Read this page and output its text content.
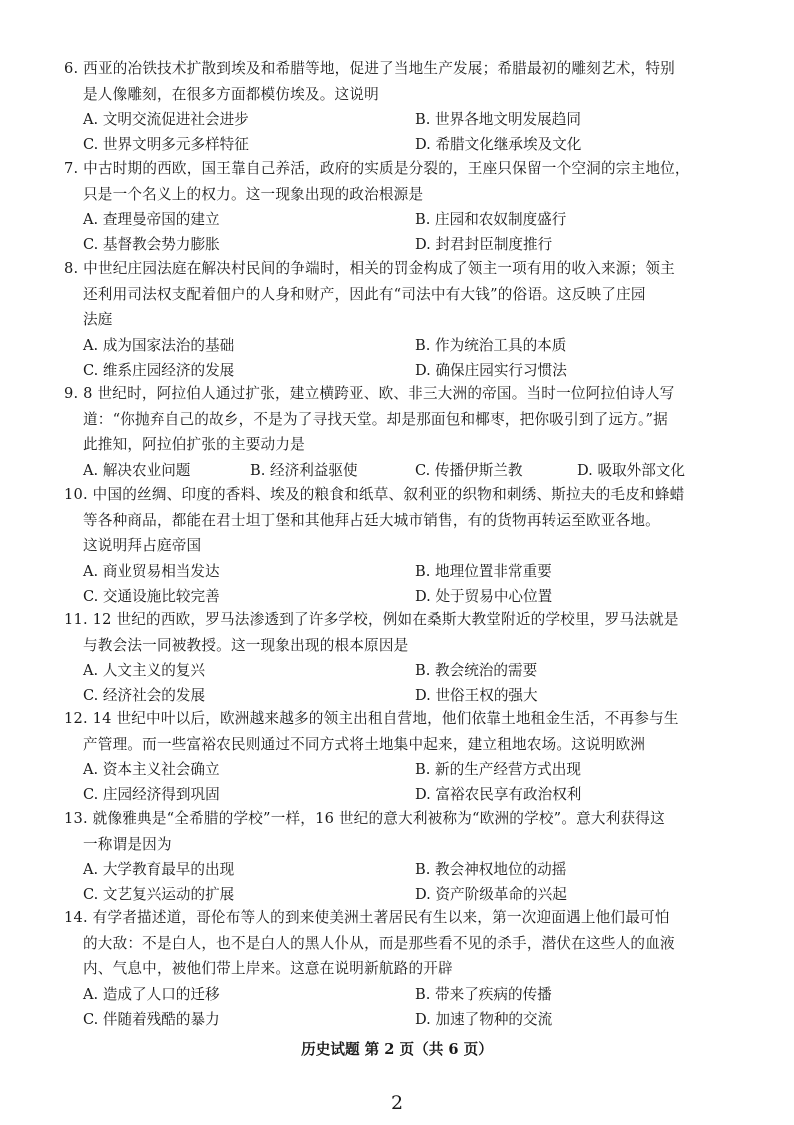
6. 西亚的冶铁技术扩散到埃及和希腊等地，促进了当地生产发展；希腊最初的雕刻艺术，特别

是人像雕刻，在很多方面都模仿埃及。这说明

A. 文明交流促进社会进步	B. 世界各地文明发展趋同
C. 世界文明多元多样特征	D. 希腊文化继承埃及文化

7. 中古时期的西欧，国王靠自己养活，政府的实质是分裂的，王座只保留一个空洞的宗主地位，

只是一个名义上的权力。这一现象出现的政治根源是

A. 查理曼帝国的建立	B. 庄园和农奴制度盛行
C. 基督教会势力膨胀	D. 封君封臣制度推行

8. 中世纪庄园法庭在解决村民间的争端时，相关的罚金构成了领主一项有用的收入来源；领主

还利用司法权支配着佃户的人身和财产，因此有“司法中有大钱”的俗语。这反映了庄园

法庭

A. 成为国家法治的基础	B. 作为统治工具的本质
C. 维系庄园经济的发展	D. 确保庄园实行习惯法

9. 8 世纪时，阿拉伯人通过扩张，建立横跨亚、欧、非三大洲的帝国。当时一位阿拉伯诗人写

道：“你抛弃自己的故乡，不是为了寻找天堂。却是那面包和椰枣，把你吸引到了远方。”据

此推知，阿拉伯扩张的主要动力是

A. 解决农业问题	B. 经济利益驱使	C. 传播伊斯兰教	D. 吸取外部文化

10. 中国的丝绸、印度的香料、埃及的粮食和纸草、叙利亚的织物和刺绣、斯拉夫的毛皮和蜂蜡

等各种商品，都能在君士坦丁堡和其他拜占廷大城市销售，有的货物再转运至欧亚各地。

这说明拜占庭帝国

A. 商业贸易相当发达	B. 地理位置非常重要
C. 交通设施比较完善	D. 处于贸易中心位置

11. 12 世纪的西欧，罗马法渗透到了许多学校，例如在桑斯大教堂附近的学校里，罗马法就是

与教会法一同被教授。这一现象出现的根本原因是

A. 人文主义的复兴	B. 教会统治的需要
C. 经济社会的发展	D. 世俗王权的强大

12. 14 世纪中叶以后，欧洲越来越多的领主出租自营地，他们依靠土地租金生活，不再参与生

产管理。而一些富裕农民则通过不同方式将土地集中起来，建立租地农场。这说明欧洲

A. 资本主义社会确立	B. 新的生产经营方式出现
C. 庄园经济得到巩固	D. 富裕农民享有政治权利

13. 就像雅典是“全希腊的学校”一样，16 世纪的意大利被称为“欧洲的学校”。意大利获得这

一称谓是因为

A. 大学教育最早的出现	B. 教会神权地位的动摇
C. 文艺复兴运动的扩展	D. 资产阶级革命的兴起

14. 有学者描述道，哥伦布等人的到来使美洲土著居民有生以来，第一次迎面遇上他们最可怕

的大敌：不是白人，也不是白人的黑人仆从，而是那些看不见的杀手，潜伏在这些人的血液

内、气息中，被他们带上岸来。这意在说明新航路的开辟

A. 造成了人口的迁移	B. 带来了疾病的传播
C. 伴随着残酷的暴力	D. 加速了物种的交流
历史试题 第 2 页（共 6 页）
2
